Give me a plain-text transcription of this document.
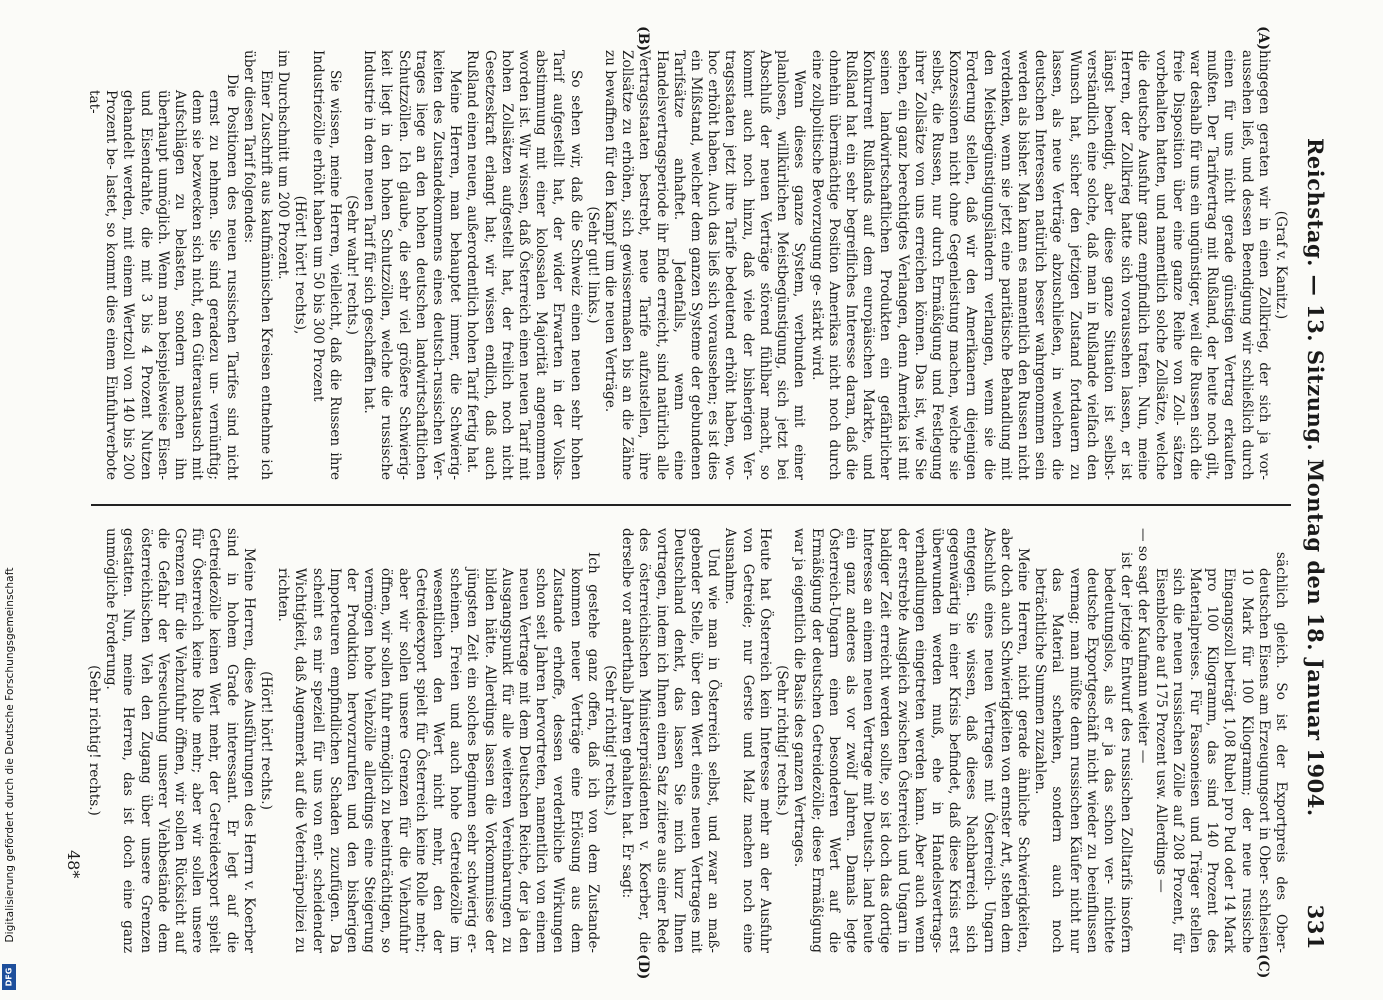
Reichstag. — 13. Sitzung. Montag den 18. Januar 1904.
331
(A)
(B)
(C)
(D)

(Graf v. Kanitz.)

hingegen geraten wir in einen Zollkrieg, der sich ja vor- aussehen ließ, und dessen Beendigung wir schließlich durch einen für uns nicht gerade günstigen Vertrag erkaufen mußten. Der Tarifvertrag mit Rußland, der heute noch gilt, war deshalb für uns ein ungünstiger, weil die Russen sich die freie Disposition über eine ganze Reihe von Zoll- sätzen vorbehalten hatten, und namentlich solche Zollsätze, welche die deutsche Ausfuhr ganz empfindlich trafen. Nun, meine Herren, der Zollkrieg hatte sich voraussehen lassen, er ist längst beendigt, aber diese ganze Situation ist selbst- verständlich eine solche, daß man in Rußlande vielfach den Wunsch hat, sicher den jetzigen Zustand fortdauern zu lassen, als neue Verträge abzuschließen, in welchen die deutschen Interessen natürlich besser wahrgenommen sein werden als bisher. Man kann es namentlich den Russen nicht verdenken, wenn sie jetzt eine paritätische Behandlung mit den Meistbegünstigungsländern verlangen, wenn sie die Forderung stellen, daß wir den Amerikanern diejenigen Konzessionen nicht ohne Gegenleistung machen, welche sie selbst, die Russen, nur durch Ermäßigung und Festlegung ihrer Zollsätze von uns erreichen können. Das ist, wie Sie sehen, ein ganz berechtigtes Verlangen, denn Amerika ist mit seinen landwirtschaftlichen Produkten ein gefährlicher Konkurrent Rußlands auf dem europäischen Markte, und Rußland hat ein sehr begreifliches Interesse daran, daß die ohnehin übermächtige Position Amerikas nicht noch durch eine zollpolitische Bevorzugung ge- stärkt wird.

Wenn dieses ganze System, verbunden mit einer planlosen, willkürlichen Meistbegünstigung, sich jetzt bei Abschluß der neuen Verträge störend fühlbar macht, so kommt auch noch hinzu, daß viele der bisherigen Ver- tragsstaaten jetzt ihre Tarife bedeutend erhöht haben, wo- hoc erhöht haben. Auch das ließ sich voraussehen; es ist dies ein Mißstand, welcher dem ganzen Systeme der gebundenen Tarifsätze anhaftet. Jedenfalls, wenn eine Handelsvertragsperiode ihr Ende erreicht, sind natürlich alle Vertragsstaaten bestrebt, neue Tarife aufzustellen, ihre Zollsätze zu erhöhen, sich gewissermaßen bis an die Zähne zu bewaffnen für den Kampf um die neuen Verträge.

(Sehr gut! links.)

So sehen wir, daß die Schweiz einen neuen sehr hohen Tarif aufgestellt hat, der wider Erwarten in der Volks- abstimmung mit einer kolossalen Majorität angenommen worden ist. Wir wissen, daß Österreich einen neuen Tarif mit hohen Zollsätzen aufgestellt hat, der freilich noch nicht Gesetzeskraft erlangt hat; wir wissen endlich, daß auch Rußland einen neuen, außerordentlich hohen Tarif fertig hat.

Meine Herren, man behauptet immer, die Schwierig- keiten des Zustandekommens eines deutsch-russischen Ver- trages liege an den hohen deutschen landwirtschaftlichen Schutzzöllen. Ich glaube, die sehr viel größere Schwierig- keit liegt in den hohen Schutzzöllen, welche die russische Industrie in dem neuen Tarif für sich geschaffen hat.

(Sehr wahr! rechts.)

Sie wissen, meine Herren, vielleicht, daß die Russen ihre Industriezölle erhöht haben um 50 bis 300 Prozent

(Hört! hört! rechts),

im Durchschnitt um 200 Prozent.

Einer Zuschrift aus kaufmännischen Kreisen entnehme ich über diesen Tarif folgendes:

Die Positionen des neuen russischen Tarifes sind nicht ernst zu nehmen. Sie sind geradezu un- vernünftig; denn sie bezwecken sich nicht, den Güteraustausch mit Aufschlägen zu belasten, sondern machen ihn überhaupt unmöglich. Wenn man beispielsweise Eisen- und Eisendrahte, die mit 3 bis 4 Prozent Nutzen gehandelt werden, mit einem Wertzoll von 140 bis 200 Prozent be- lastet, so kommt dies einem Einfuhrverbote tat-

sächlich gleich. So ist der Exportpreis des Ober- deutschen Eisens am Erzeugungsort in Ober- schlesien 10 Mark für 100 Kilogramm; der neue russische Eingangszoll beträgt 1,08 Rubel pro Pud oder 14 Mark pro 100 Kilogramm, das sind 140 Prozent des Materialpreises. Für Fassoneisen und Träger stellen sich die neuen russischen Zölle auf 208 Prozent, für Eisenbleche auf 175 Prozent usw. Allerdings —

— so sagt der Kaufmann weiter —

ist der jetzige Entwurf des russischen Zolltarifs insofern bedeutungslos, als er ja das schon ver- nichtete deutsche Exportgeschäft nicht wieder zu beeinflussen vermag; man müßte denn russischen Käufer nicht nur das Material schenken, sondern auch noch beträchtliche Summen zuzahlen.

Meine Herren, nicht gerade ähnliche Schwierigkeiten, aber doch auch Schwierigkeiten von ernster Art, stehen dem Abschluß eines neuen Vertrages mit Österreich- Ungarn entgegen. Sie wissen, daß dieses Nachbarreich sich gegenwärtig in einer Krisis befindet, daß diese Krisis erst überwunden werden muß, ehe in Handelsvertrags- verhandlungen eingetreten werden kann. Aber auch wenn der erstrebte Ausgleich zwischen Österreich und Ungarn in baldiger Zeit erreicht werden sollte, so ist doch das dortige Interesse an einem neuen Vertrage mit Deutsch- land heute ein ganz anderes als vor zwölf Jahren. Damals legte Österreich-Ungarn einen besonderen Wert auf die Ermäßigung der deutschen Getreidezölle; diese Ermäßigung war ja eigentlich die Basis des ganzen Vertrages.

(Sehr richtig! rechts.)

Heute hat Österreich kein Interesse mehr an der Ausfuhr von Getreide; nur Gerste und Malz machen noch eine Ausnahme.

Und wie man in Österreich selbst, und zwar an maß- gebender Stelle, über den Wert eines neuen Vertrages mit Deutschland denkt, das lassen Sie mich kurz Ihnen vortragen, indem ich Ihnen einen Satz zitiere aus einer Rede des österreichischen Ministerpräsidenten v. Koerber, die derselbe vor anderthalb Jahren gehalten hat. Er sagt:

(Sehr richtig! rechts.)

Ich gestehe ganz offen, daß ich von dem Zustande- kommen neuer Verträge eine Erlösung aus dem Zustande erhoffe, dessen verderbliche Wirkungen schon seit Jahren hervortreten, namentlich von einem neuen Vertrage mit dem Deutschen Reiche, der ja den Ausgangspunkt für alle weiteren Vereinbarungen zu bilden hätte. Allerdings lassen die Vorkommnisse der jüngsten Zeit ein solches Beginnen sehr schwierig er- scheinen. Freien und auch hohe Getreidezölle im wesentlichen den Wert nicht mehr, den der Getreideexport spielt für Österreich keine Rolle mehr; aber wir sollen unsere Grenzen für die Viehzufuhr öffnen, wir sollen fuhr ermöglich zu beeinträchtigen, so vermögen hohe Viehzölle allerdings eine Steigerung der Produktion hervorzurufen und den bisherigen Importeuren empfindlichen Schaden zuzufügen. Da scheint es mir speziell für uns von ent- scheidender Wichtigkeit, daß Augenmerk auf die Veterinärpolizei zu richten.

(Hört! hört! rechts.)

Meine Herren, diese Ausführungen des Herrn v. Koerber sind in hohem Grade interessant. Er legt auf die Getreidezölle keinen Wert mehr, der Getreideexport spielt für Österreich keine Rolle mehr; aber wir sollen unsere Grenzen für die Viehzufuhr öffnen, wir sollen Rücksicht auf die Gefahr der Verseuchung unserer Viehbestände dem österreichischen Vieh den Zugang über unsere Grenzen gestatten. Nun, meine Herren, das ist doch eine ganz unmögliche Forderung.

(Sehr richtig! rechts.)

48*
Digitalisierung gefördert durch die Deutsche Forschungsgemeinschaft
DFG
